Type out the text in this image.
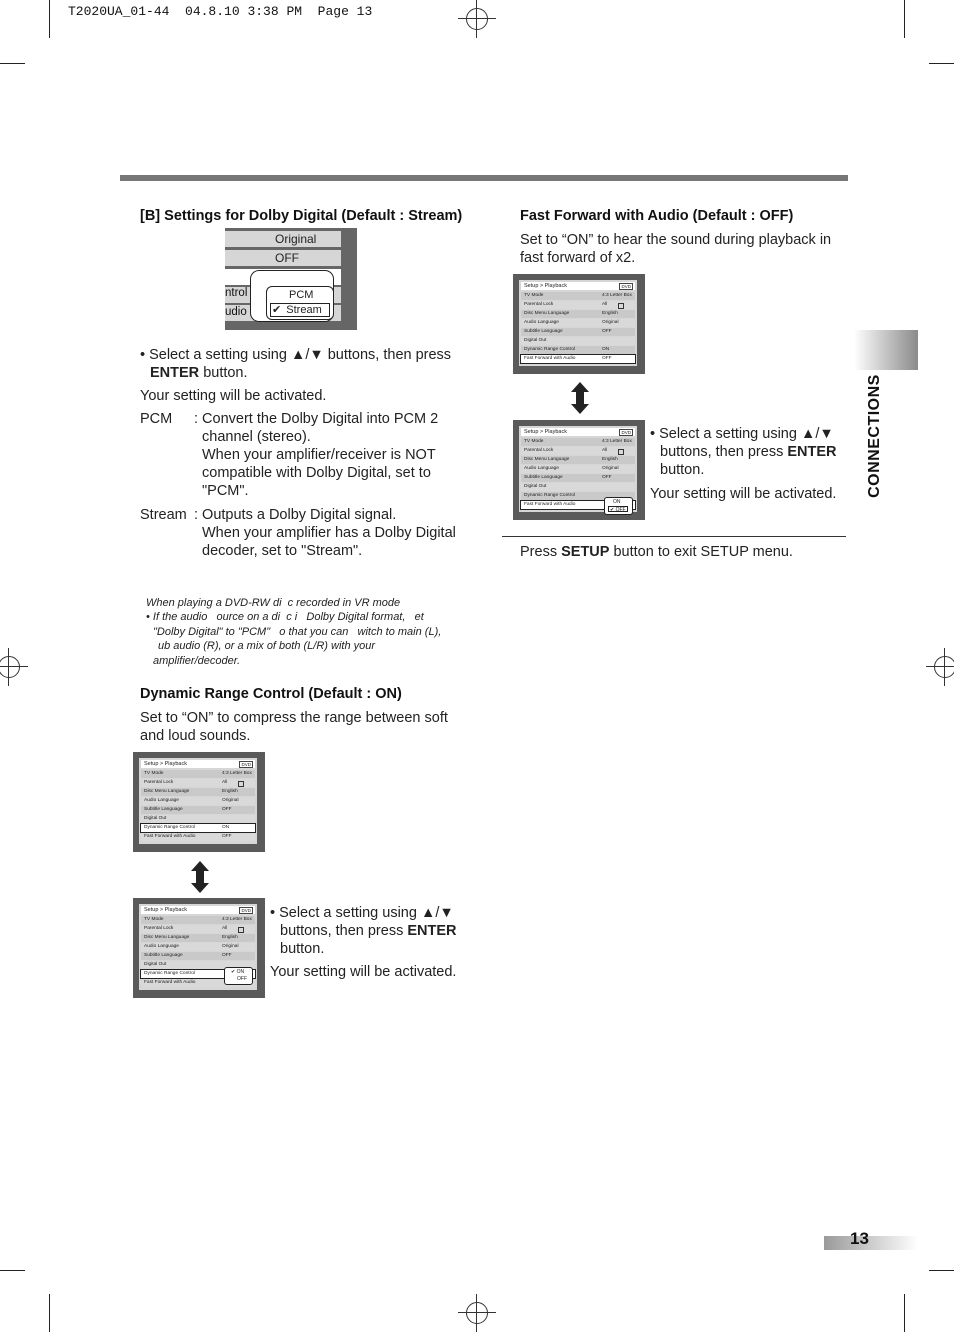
T2020UA_01-44 04.8.10 3:38 PM Page 13
CONNECTIONS
[B] Settings for Dolby Digital (Default : Stream)
Original
OFF
ntrol
udio
PCM
✔ Stream
• Select a setting using ▲/▼ buttons, then press
ENTER button.
Your setting will be activated.
PCM : Convert the Dolby Digital into PCM 2
channel (stereo).
When your amplifier/receiver is NOT
compatible with Dolby Digital, set to
"PCM".
Stream : Outputs a Dolby Digital signal.
When your amplifier has a Dolby Digital
decoder, set to "Stream".

When playing a DVD-RW di  c recorded in VR mode
• If the audio   ource on a di  c i   Dolby Digital format,   et
"Dolby Digital" to "PCM"   o that you can   witch to main (L),
ub audio (R), or a mix of both (L/R) with your
amplifier/decoder.
Dynamic Range Control (Default : ON)
Set to “ON” to compress the range between soft
and loud sounds.
Setup > Playback	DVD
TV Mode	4:3 Letter Box
Parental Lock	All
Disc Menu Language	English
Audio Language	Original
Subtitle Language	OFF
Digital Out
Dynamic Range Control	ON
Fast Forward with Audio	OFF
Setup > Playback	DVD
TV Mode	4:3 Letter Box
Parental Lock	All
Disc Menu Language	English
Audio Language	Original
Subtitle Language	OFF
Digital Out
Dynamic Range Control
Fast Forward with Audio
✔ ON
OFF
• Select a setting using ▲/▼
buttons, then press ENTER
button.
Your setting will be activated.
Fast Forward with Audio (Default : OFF)
Set to “ON” to hear the sound during playback in
fast forward of x2.
Setup > Playback	DVD
TV Mode	4:3 Letter Box
Parental Lock	All
Disc Menu Language	English
Audio Language	Original
Subtitle Language	OFF
Digital Out
Dynamic Range Control	ON
Fast Forward with Audio	OFF
Setup > Playback	DVD
TV Mode	4:3 Letter Box
Parental Lock	All
Disc Menu Language	English
Audio Language	Original
Subtitle Language	OFF
Digital Out
Dynamic Range Control
Fast Forward with Audio	ON
✔ OFF
• Select a setting using ▲/▼
buttons, then press ENTER
button.
Your setting will be activated.
Press SETUP button to exit SETUP menu.
13
